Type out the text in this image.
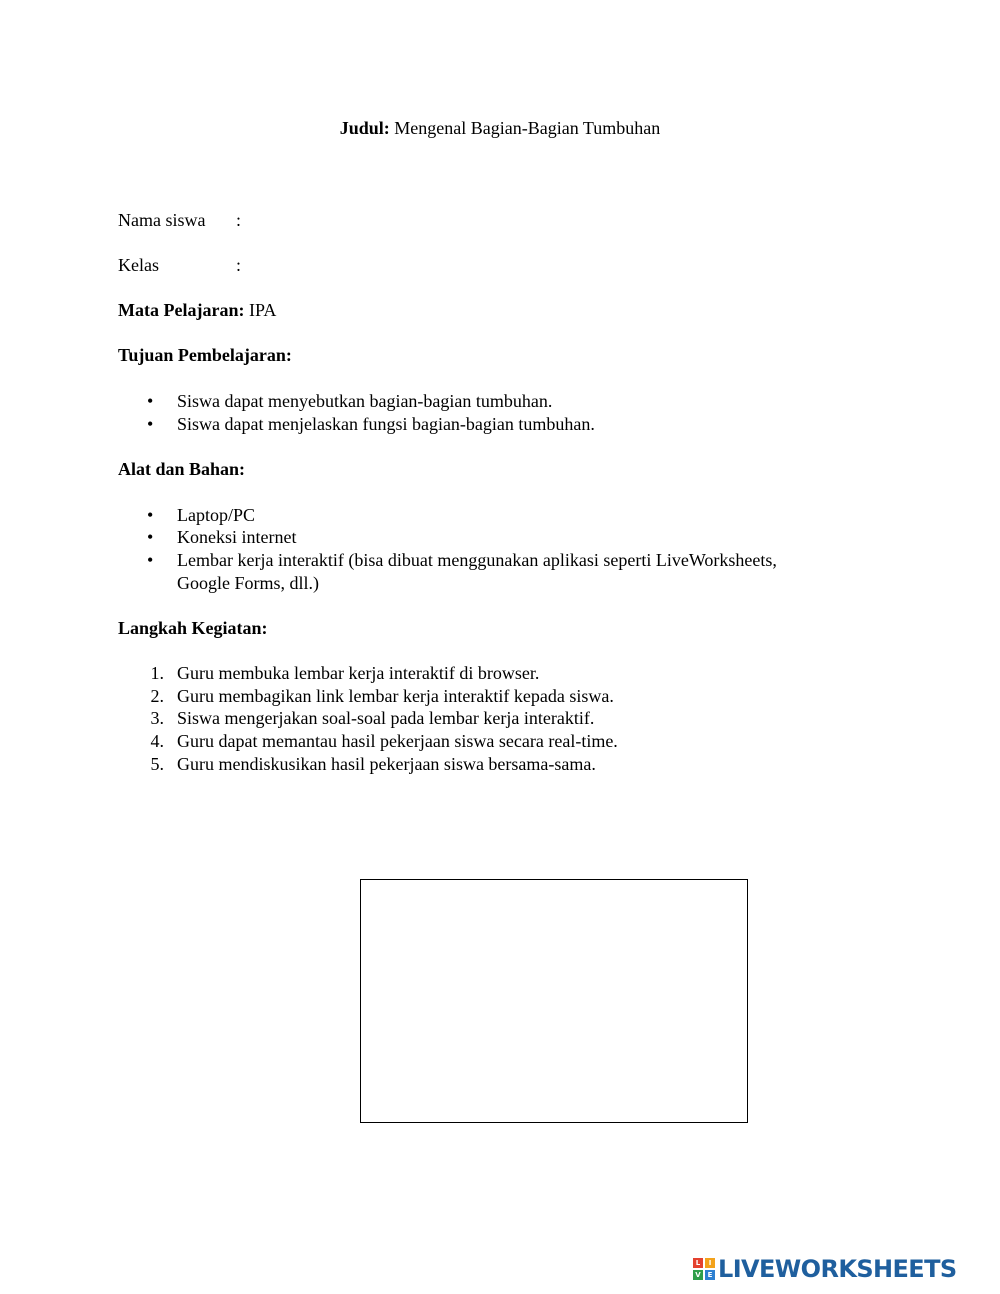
Judul: Mengenal Bagian-Bagian Tumbuhan
Nama siswa :
Kelas	:
Mata Pelajaran: IPA
Tujuan Pembelajaran:
• Siswa dapat menyebutkan bagian-bagian tumbuhan.
• Siswa dapat menjelaskan fungsi bagian-bagian tumbuhan.
Alat dan Bahan:
• Laptop/PC
• Koneksi internet
• Lembar kerja interaktif (bisa dibuat menggunakan aplikasi seperti LiveWorksheets,
Google Forms, dll.)
Langkah Kegiatan:
1. Guru membuka lembar kerja interaktif di browser.
2. Guru membagikan link lembar kerja interaktif kepada siswa.
3. Siswa mengerjakan soal-soal pada lembar kerja interaktif.
4. Guru dapat memantau hasil pekerjaan siswa secara real-time.
5. Guru mendiskusikan hasil pekerjaan siswa bersama-sama.
L	I
V E LIVEWORKSHEETS
